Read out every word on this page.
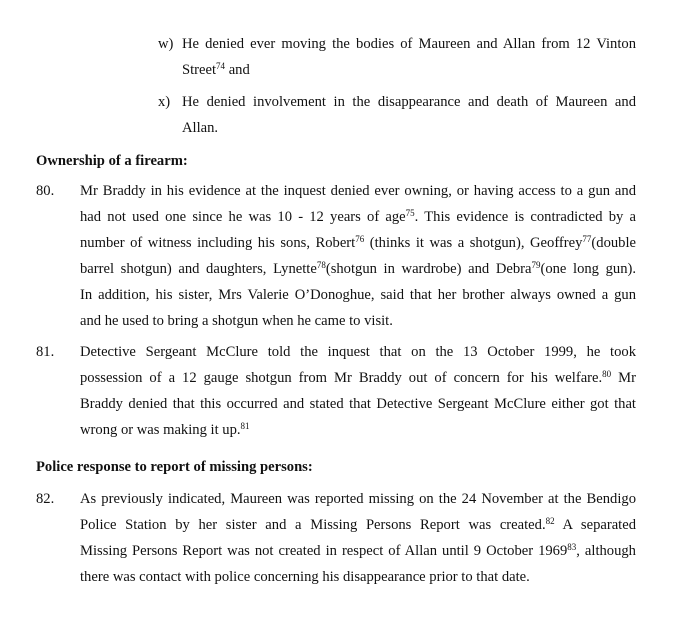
w) He denied ever moving the bodies of Maureen and Allan from 12 Vinton
Street$^{74}$ and
x) He denied involvement in the disappearance and death of Maureen and
Allan.
Ownership of a firearm:
Police response to report of missing persons:
80. Mr Braddy in his evidence at the inquest denied ever owning, or having access to a gun and
had not used one since he was 10 - 12 years of age$^{75}$. This evidence is contradicted by a
number of witness including his sons, Robert$^{76}$ (thinks it was a shotgun), Geoffrey$^{77}$(double
barrel shotgun) and daughters, Lynette$^{78}$(shotgun in wardrobe) and Debra$^{79}$(one long gun).
In addition, his sister, Mrs Valerie O’Donoghue, said that her brother always owned a gun
and he used to bring a shotgun when he came to visit.
81. Detective Sergeant McClure told the inquest that on the 13 October 1999, he took
possession of a 12 gauge shotgun from Mr Braddy out of concern for his welfare.$^{80}$ Mr
Braddy denied that this occurred and stated that Detective Sergeant McClure either got that
wrong or was making it up.$^{81}$
82. As previously indicated, Maureen was reported missing on the 24 November at the Bendigo
Police Station by her sister and a Missing Persons Report was created.$^{82}$ A separated
Missing Persons Report was not created in respect of Allan until 9 October 1969$^{83}$, although
there was contact with police concerning his disappearance prior to that date.
